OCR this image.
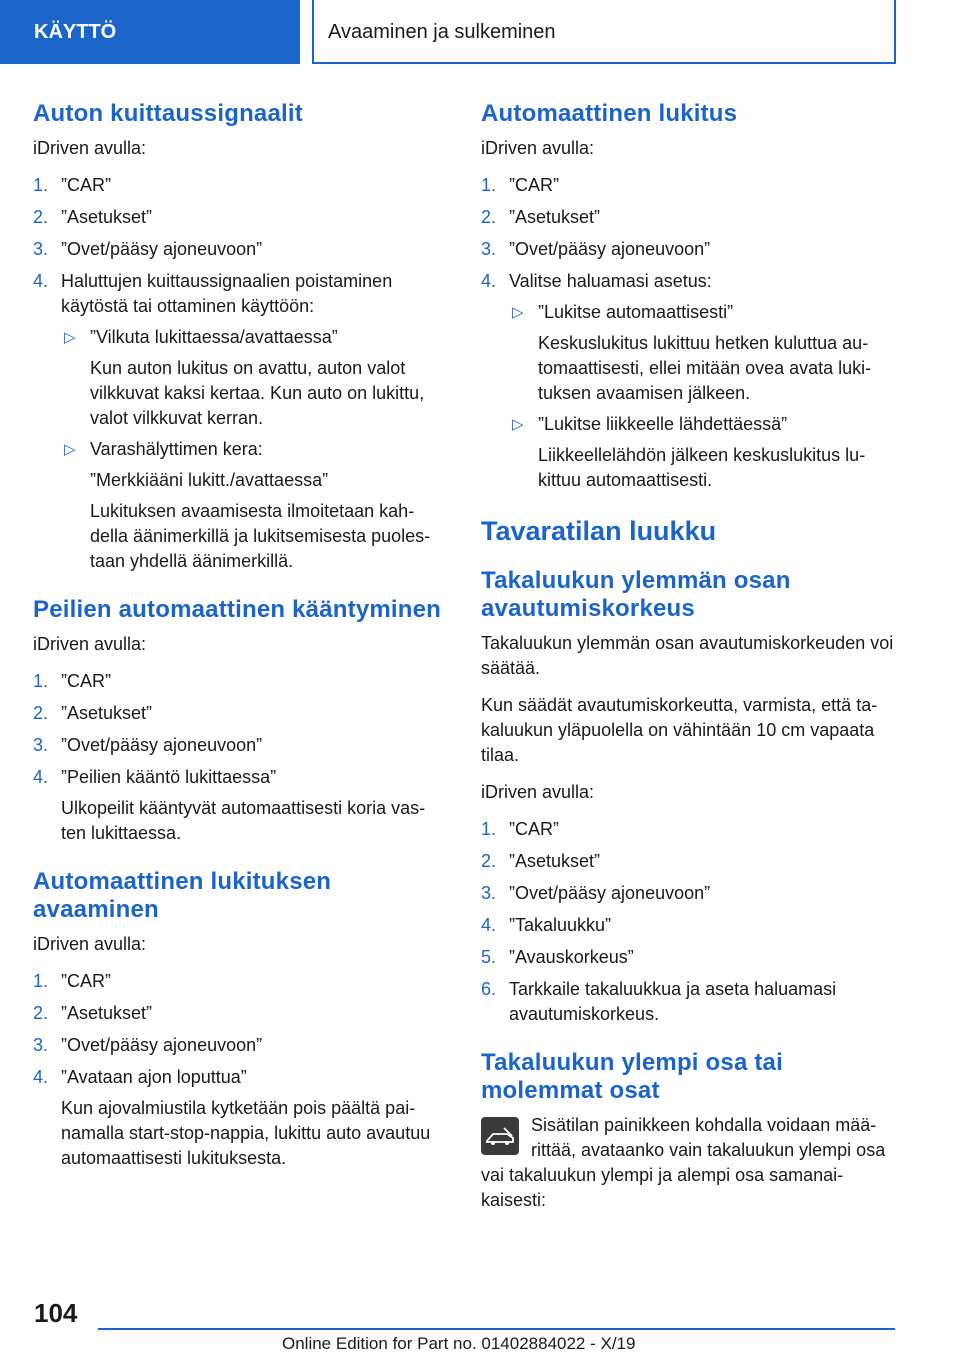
KÄYTTÖ	Avaaminen ja sulkeminen
Auton kuittaussignaalit

iDriven avulla:

1. ”CAR”
2. ”Asetukset”
3. ”Ovet/pääsy ajoneuvoon”
4. Haluttujen kuittaussignaalien poistaminen käytöstä tai ottaminen käyttöön:
▷ ”Vilkuta lukittaessa/avattaessa”
Kun auton lukitus on avattu, auton valot vilkkuvat kaksi kertaa. Kun auto on lukittu, valot vilkkuvat kerran.
▷ Varashälyttimen kera:
”Merkkiääni lukitt./avattaessa”
Lukituksen avaamisesta ilmoitetaan kahdella äänimerkillä ja lukitsemisesta puolestaan yhdellä äänimerkillä.
Peilien automaattinen kääntyminen

iDriven avulla:

1. ”CAR”
2. ”Asetukset”
3. ”Ovet/pääsy ajoneuvoon”
4. ”Peilien kääntö lukittaessa”
Ulkopeilit kääntyvät automaattisesti koria vasten lukittaessa.
Automaattinen lukituksen avaaminen

iDriven avulla:

1. ”CAR”
2. ”Asetukset”
3. ”Ovet/pääsy ajoneuvoon”
4. ”Avataan ajon loputtua”
Kun ajovalmiustila kytketään pois päältä painamalla start-stop-nappia, lukittu auto avautuu automaattisesti lukituksesta.
Automaattinen lukitus

iDriven avulla:

1. ”CAR”
2. ”Asetukset”
3. ”Ovet/pääsy ajoneuvoon”
4. Valitse haluamasi asetus:
▷ ”Lukitse automaattisesti”
Keskuslukitus lukittuu hetken kuluttua automaattisesti, ellei mitään ovea avata lukituksen avaamisen jälkeen.
▷ ”Lukitse liikkeelle lähdettäessä”
Liikkeellelähdön jälkeen keskuslukitus lukittuu automaattisesti.
Tavaratilan luukku
Takaluukun ylemmän osan avautumiskorkeus

Takaluukun ylemmän osan avautumiskorkeuden voi säätää.

Kun säädät avautumiskorkeutta, varmista, että takaluukun yläpuolella on vähintään 10 cm vapaata tilaa.

iDriven avulla:

1. ”CAR”
2. ”Asetukset”
3. ”Ovet/pääsy ajoneuvoon”
4. ”Takaluukku”
5. ”Avauskorkeus”
6. Tarkkaile takaluukkua ja aseta haluamasi avautumiskorkeus.
Takaluukun ylempi osa tai molemmat osat

Sisätilan painikkeen kohdalla voidaan määrittää, avataanko vain takaluukun ylempi osa vai takaluukun ylempi ja alempi osa samanaikaisesti:

104
Online Edition for Part no. 01402884022 - X/19
